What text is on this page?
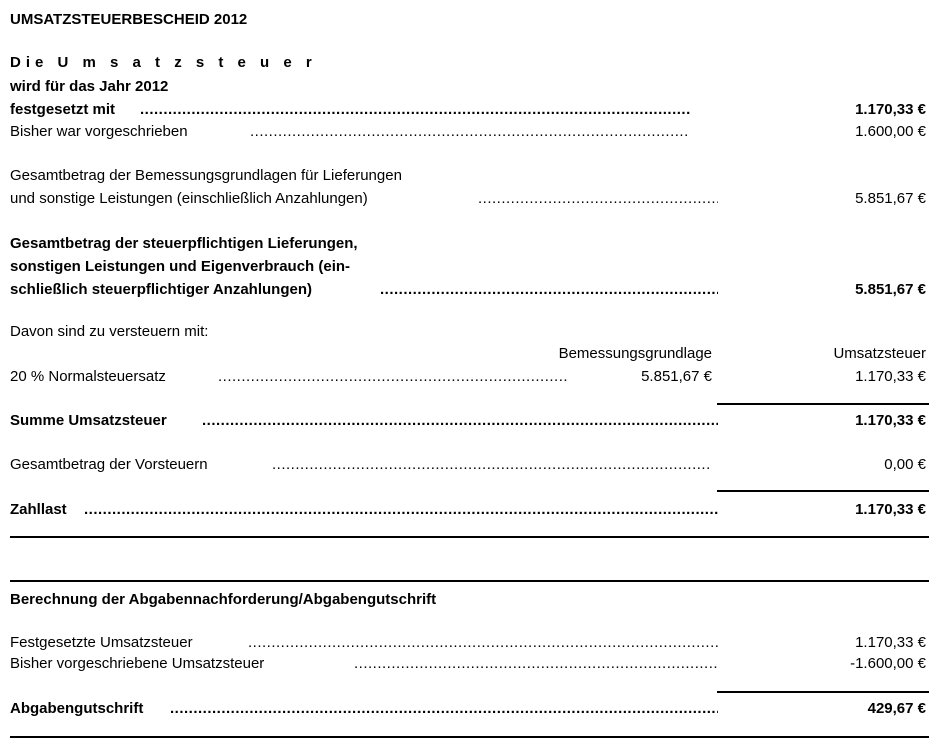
UMSATZSTEUERBESCHEID 2012
Die U m s a t z s t e u e r
wird für das Jahr 2012
festgesetzt mit .....	1.170,33 €
Bisher war vorgeschrieben .....	1.600,00 €
Gesamtbetrag der Bemessungsgrundlagen für Lieferungen
und sonstige Leistungen (einschließlich Anzahlungen) .....	5.851,67 €
Gesamtbetrag der steuerpflichtigen Lieferungen,
sonstigen Leistungen und Eigenverbrauch (ein-
schließlich steuerpflichtiger Anzahlungen) .....	5.851,67 €
Davon sind zu versteuern mit:
Bemessungsgrundlage	Umsatzsteuer
20 % Normalsteuersatz .....	5.851,67 €	1.170,33 €
Summe Umsatzsteuer .....	1.170,33 €
Gesamtbetrag der Vorsteuern .....	0,00 €
Zahllast .....	1.170,33 €
Berechnung der Abgabennachforderung/Abgabengutschrift
Festgesetzte Umsatzsteuer .....	1.170,33 €
Bisher vorgeschriebene Umsatzsteuer .....	-1.600,00 €
Abgabengutschrift .....	429,67 €
